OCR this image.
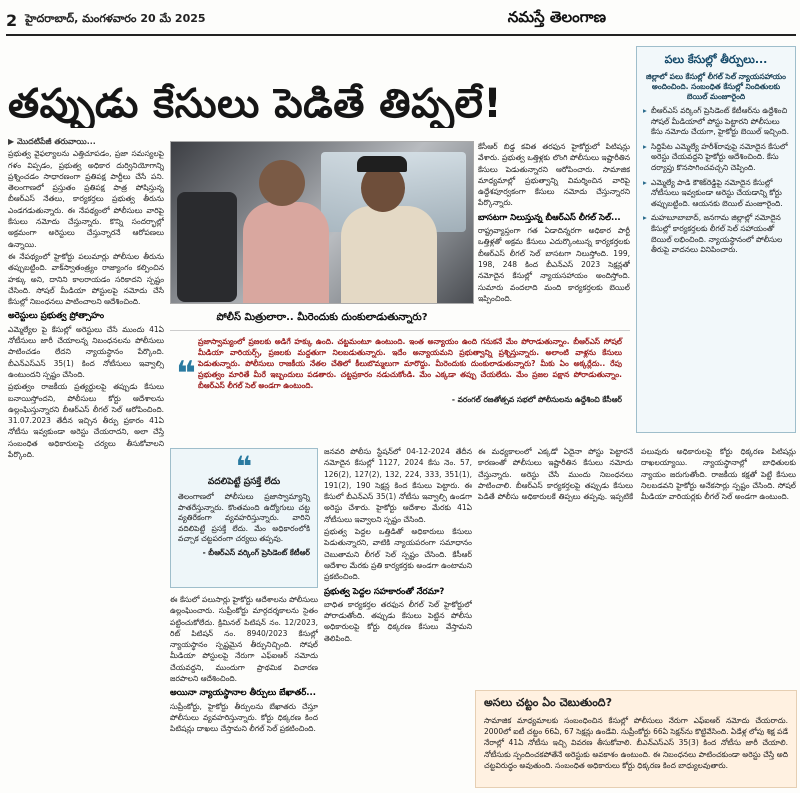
2 హైదరాబాద్, మంగళవారం 20 మే 2025	నమస్తే తెలంగాణ
తప్పుడు కేసులు పెడితే తిప్పలే!

▶ మొదటిపేజీ తరువాయి...

ప్రభుత్వ వైఫల్యాలను ఎత్తిచూపడం, ప్రజా సమస్యలపై గళం విప్పడం, ప్రభుత్వ అధికార దుర్వినియోగాన్ని ప్రశ్నించడం సాధారణంగా ప్రతిపక్ష పార్టీలు చేసే పని. తెలంగాణలో ప్రస్తుతం ప్రతిపక్ష పాత్ర పోషిస్తున్న బీఆర్‌ఎస్ నేతలు, కార్యకర్తలు ప్రభుత్వ తీరును ఎండగడుతున్నారు. ఈ నేపథ్యంలో పోలీసులు వారిపై కేసులు నమోదు చేస్తున్నారు. కొన్ని సందర్భాల్లో అక్రమంగా అరెస్టులు చేస్తున్నారనే ఆరోపణలు ఉన్నాయి.

ఈ నేపథ్యంలో హైకోర్టు పలుమార్లు పోలీసుల తీరును తప్పుబట్టింది. వాక్‌స్వాతంత్ర్యం రాజ్యాంగం కల్పించిన హక్కు అని, దానిని కాలరాయడం సరికాదని స్పష్టం చేసింది. సోషల్ మీడియా పోస్టులపై నమోదు చేసే కేసుల్లో నిబంధనలు పాటించాలని ఆదేశించింది.

అరెస్టులు ప్రభుత్వ ప్రోత్సాహం

ఎమ్మెల్యేల పై కేసుల్లో అరెస్టులు చేసే ముందు 41ఏ నోటీసులు జారీ చేయాలన్న నిబంధనలను పోలీసులు పాటించడం లేదని న్యాయస్థానం పేర్కొంది. బీఎన్‌ఎస్ఎస్ 35(1) కింద నోటీసులు ఇవ్వాల్సి ఉంటుందని స్పష్టం చేసింది.

ప్రభుత్వం రాజకీయ ప్రత్యర్థులపై తప్పుడు కేసులు బనాయిస్తోందని, పోలీసులు కోర్టు ఆదేశాలను ఉల్లంఘిస్తున్నారని బీఆర్‌ఎస్ లీగల్ సెల్ ఆరోపించింది. 31.07.2023 తేదీన ఇచ్చిన తీర్పు ప్రకారం 41ఏ నోటీసు ఇవ్వకుండా అరెస్టు చేయరాదని, అలా చేస్తే సంబంధిత అధికారులపై చర్యలు తీసుకోవాలని పేర్కొంది.

పోలీస్ మిత్రులారా.. మీరెందుకు దుంకులాడుతున్నారు?
❝

ప్రజాస్వామ్యంలో ప్రజలకు అడిగే హక్కు ఉంది. చట్టమంటూ ఉంటుంది. ఇంత అన్యాయం ఉంది గనుకనే మేం పోరాడుతున్నాం. బీఆర్‌ఎస్ సోషల్ మీడియా వారియర్స్, ప్రజలకు మద్దతుగా నిలబడుతున్నారు. ఇదేం అన్యాయమని ప్రభుత్వాన్ని ప్రశ్నిస్తున్నారు. అలాంటి వాళ్లను కేసులు పెడుతున్నారు. పోలీసులు రాజకీయ నేతల చేతిలో కీలుబొమ్మలుగా మారొద్దు. మీరెందుకు దుంకులాడుతున్నారు? మీకు ఏం అక్కర్లేదు.. రేపు ప్రభుత్వం మారితే మీరే ఇబ్బందులు పడతారు. చట్టప్రకారం నడుచుకోండి. మేం ఎక్కడా తప్పు చేయలేదు. మేం ప్రజల పక్షాన పోరాడుతున్నాం. బీఆర్‌ఎస్ లీగల్ సెల్ అండగా ఉంటుంది.

- వరంగల్ రజతోత్సవ సభలో పోలీసులను ఉద్దేశించి కేసీఆర్

❝

వదలిపెట్టే ప్రసక్తే లేదు

తెలంగాణలో పోలీసులు ప్రజాస్వామ్యాన్ని పాతరేస్తున్నారు. కొంతమంది ఉద్యోగులు చట్ట వ్యతిరేకంగా వ్యవహరిస్తున్నారు. వారిని వదిలిపెట్టే ప్రసక్తే లేదు. మేం అధికారంలోకి వచ్చాక చట్టపరంగా చర్యలు తప్పవు.

- బీఆర్‌ఎస్ వర్కింగ్ ప్రెసిడెంట్ కేటీఆర్

ఈ కేసులో పలుసార్లు హైకోర్టు ఆదేశాలను పోలీసులు ఉల్లంఘించారు. సుప్రీంకోర్టు మార్గదర్శకాలను సైతం పట్టించుకోలేదు. క్రిమినల్ పిటిషన్ నం. 12/2023, రిట్ పిటిషన్ నం. 8940/2023 కేసుల్లో న్యాయస్థానం స్పష్టమైన తీర్పునిచ్చింది. సోషల్ మీడియా పోస్టులపై నేరుగా ఎఫ్‌ఐఆర్ నమోదు చేయవద్దని, ముందుగా ప్రాథమిక విచారణ జరపాలని ఆదేశించింది.

అయినా న్యాయస్థానాల తీర్పులు బేఖాతర్...

సుప్రీంకోర్టు, హైకోర్టు తీర్పులను బేఖాతరు చేస్తూ పోలీసులు వ్యవహరిస్తున్నారు. కోర్టు ధిక్కరణ కింద పిటిషన్లు దాఖలు చేస్తామని లీగల్ సెల్ ప్రకటించింది.

జనవరి పోలీసు స్టేషన్‌లో 04-12-2024 తేదీన నమోదైన కేసుల్లో 1127, 2024 కేసు నెం. 57, 126(2), 127(2), 132, 224, 333, 351(1), 191(2), 190 సెక్షన్ల కింద కేసులు పెట్టారు. ఈ కేసులో బీఎన్‌ఎస్ 35(1) నోటీసు ఇవ్వాల్సి ఉండగా అరెస్టు చేశారు. హైకోర్టు ఆదేశాల మేరకు 41ఏ నోటీసులు ఇవ్వాలని స్పష్టం చేసింది.

ప్రభుత్వ పెద్దల ఒత్తిడితో అధికారులు కేసులు పెడుతున్నారని, వాటికి న్యాయపరంగా సమాధానం చెబుతామని లీగల్ సెల్ స్పష్టం చేసింది. కేసీఆర్ ఆదేశాల మేరకు ప్రతి కార్యకర్తకు అండగా ఉంటామని ప్రకటించింది.

ప్రభుత్వ పెద్దల సహకారంతో నేరమా?

బాధిత కార్యకర్తల తరఫున లీగల్ సెల్ హైకోర్టులో పోరాడుతోంది. తప్పుడు కేసులు పెట్టిన పోలీసు అధికారులపై కోర్టు ధిక్కరణ కేసులు వేస్తామని తెలిపింది.

కేసీఆర్ బిడ్డ కవిత తరఫున హైకోర్టులో పిటిషన్లు వేశారు. ప్రభుత్వ ఒత్తిళ్లకు లొంగి పోలీసులు ఇష్టారీతిన కేసులు పెడుతున్నారని ఆరోపించారు. సామాజిక మాధ్యమాల్లో ప్రభుత్వాన్ని విమర్శించిన వారిపై ఉద్దేశపూర్వకంగా కేసులు నమోదు చేస్తున్నారని పేర్కొన్నారు.

బాసటగా నిలుస్తున్న బీఆర్‌ఎస్ లీగల్ సెల్...

రాష్ట్రవ్యాప్తంగా గత ఏడాదిన్నరగా అధికార పార్టీ ఒత్తిళ్లతో అక్రమ కేసులు ఎదుర్కొంటున్న కార్యకర్తలకు బీఆర్‌ఎస్ లీగల్ సెల్ బాసటగా నిలుస్తోంది. 199, 198, 248 కింద బీఎన్‌ఎస్ 2023 సెక్షన్లతో నమోదైన కేసుల్లో న్యాయసహాయం అందిస్తోంది. సుమారు వందలాది మంది కార్యకర్తలకు బెయిల్ ఇప్పించింది.

ఈ మధ్యకాలంలో ఎక్కడో ఏదైనా పోస్టు పెట్టారనే కారణంతో పోలీసులు ఇష్టారీతిన కేసులు నమోదు చేస్తున్నారు. అరెస్టు చేసే ముందు నిబంధనలు పాటించాలి. బీఆర్‌ఎస్ కార్యకర్తలపై తప్పుడు కేసులు పెడితే పోలీసు అధికారులకే తిప్పలు తప్పవు. ఇప్పటికే పలువురు అధికారులపై కోర్టు ధిక్కరణ పిటిషన్లు దాఖలయ్యాయి. న్యాయస్థానాల్లో బాధితులకు న్యాయం జరుగుతోంది. రాజకీయ కక్షతో పెట్టే కేసులు నిలబడవని హైకోర్టు అనేకసార్లు స్పష్టం చేసింది. సోషల్ మీడియా వారియర్లకు లీగల్ సెల్ అండగా ఉంటుంది.

పలు కేసుల్లో తీర్పులు...

జిల్లాలో పలు కేసుల్లో లీగల్ సెల్ న్యాయసహాయం అందించింది. సంబంధిత కేసుల్లో నిందితులకు బెయిల్ మంజూరైంది

▸ బీఆర్‌ఎస్ వర్కింగ్ ప్రెసిడెంట్ కేటీఆర్‌ను ఉద్దేశించి సోషల్ మీడియాలో పోస్టు పెట్టారని పోలీసులు కేసు నమోదు చేయగా, హైకోర్టు బెయిల్ ఇచ్చింది.
▸ సిద్దిపేట ఎమ్మెల్యే హరీశ్‌రావుపై నమోదైన కేసులో అరెస్టు చేయవద్దని హైకోర్టు ఆదేశించింది. కేసు దర్యాప్తు కొనసాగించవచ్చని చెప్పింది.
▸ ఎమ్మెల్యే పాడి కౌశిక్‌రెడ్డిపై నమోదైన కేసుల్లో నోటీసులు ఇవ్వకుండా అరెస్టు చేయడాన్ని కోర్టు తప్పుబట్టింది. ఆయనకు బెయిల్ మంజూరైంది.
▸ మహబూబాబాద్, జనగామ జిల్లాల్లో నమోదైన కేసుల్లో కార్యకర్తలకు లీగల్ సెల్ సహాయంతో బెయిల్ లభించింది. న్యాయస్థానంలో పోలీసుల తీరుపై వాదనలు వినిపించారు.

అసలు చట్టం ఏం చెబుతుంది?

సామాజిక మాధ్యమాలకు సంబంధించిన కేసుల్లో పోలీసులు నేరుగా ఎఫ్‌ఐఆర్ నమోదు చేయరాదు. 2000లో ఐటీ చట్టం 66ఏ, 67 సెక్షన్లు ఉండేవి. సుప్రీంకోర్టు 66ఏ సెక్షన్‌ను కొట్టివేసింది. ఏడేళ్ల లోపు శిక్ష పడే నేరాల్లో 41ఏ నోటీసు ఇచ్చి వివరణ తీసుకోవాలి. బీఎన్‌ఎస్ఎస్ 35(3) కింద నోటీసు జారీ చేయాలి. నోటీసుకు స్పందించకపోతేనే అరెస్టుకు అవకాశం ఉంటుంది. ఈ నిబంధనలు పాటించకుండా అరెస్టు చేస్తే అది చట్టవిరుద్ధం అవుతుంది. సంబంధిత అధికారులు కోర్టు ధిక్కరణ కింద బాధ్యులవుతారు.
